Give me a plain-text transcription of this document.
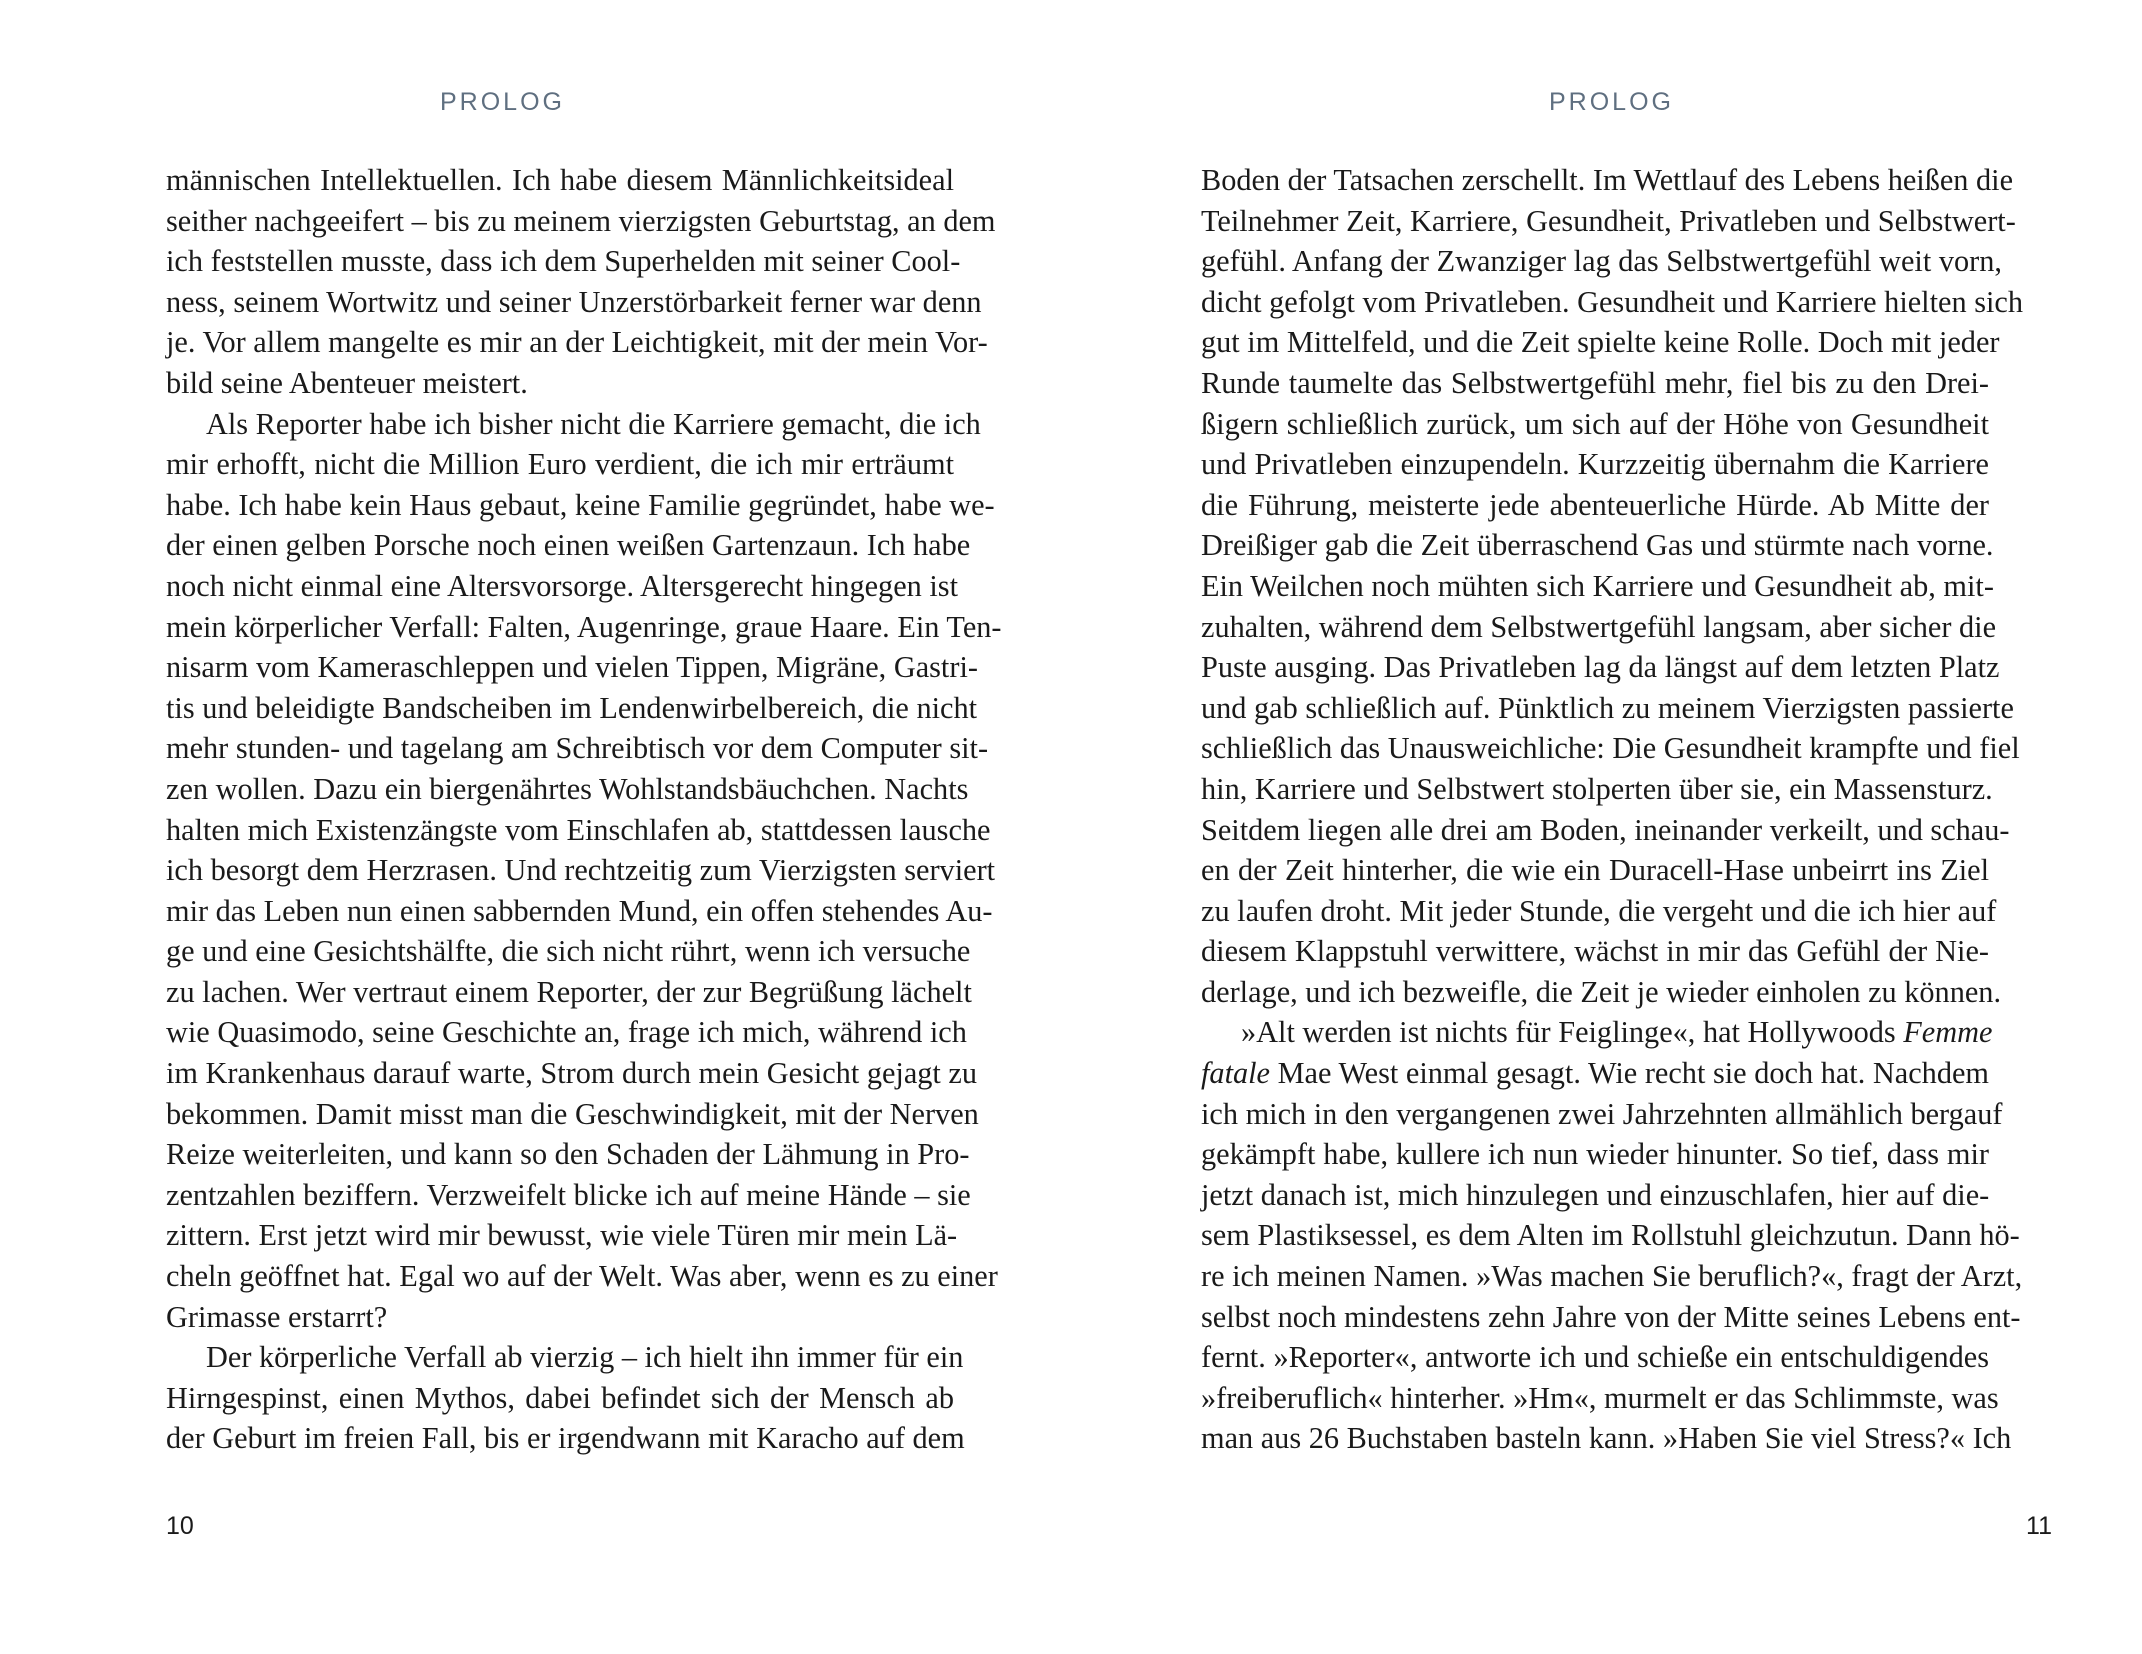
PROLOG
männischen Intellektuellen. Ich habe diesem Männlichkeitsideal
seither nachgeeifert – bis zu meinem vierzigsten Geburtstag, an dem
ich feststellen musste, dass ich dem Superhelden mit seiner Cool-
ness, seinem Wortwitz und seiner Unzerstörbarkeit ferner war denn
je. Vor allem mangelte es mir an der Leichtigkeit, mit der mein Vor-
bild seine Abenteuer meistert.
Als Reporter habe ich bisher nicht die Karriere gemacht, die ich
mir erhofft, nicht die Million Euro verdient, die ich mir erträumt
habe. Ich habe kein Haus gebaut, keine Familie gegründet, habe we-
der einen gelben Porsche noch einen weißen Gartenzaun. Ich habe
noch nicht einmal eine Altersvorsorge. Altersgerecht hingegen ist
mein körperlicher Verfall: Falten, Augenringe, graue Haare. Ein Ten-
nisarm vom Kameraschleppen und vielen Tippen, Migräne, Gastri-
tis und beleidigte Bandscheiben im Lendenwirbelbereich, die nicht
mehr stunden- und tagelang am Schreibtisch vor dem Computer sit-
zen wollen. Dazu ein biergenährtes Wohlstandsbäuchchen. Nachts
halten mich Existenzängste vom Einschlafen ab, stattdessen lausche
ich besorgt dem Herzrasen. Und rechtzeitig zum Vierzigsten serviert
mir das Leben nun einen sabbernden Mund, ein offen stehendes Au-
ge und eine Gesichtshälfte, die sich nicht rührt, wenn ich versuche
zu lachen. Wer vertraut einem Reporter, der zur Begrüßung lächelt
wie Quasimodo, seine Geschichte an, frage ich mich, während ich
im Krankenhaus darauf warte, Strom durch mein Gesicht gejagt zu
bekommen. Damit misst man die Geschwindigkeit, mit der Nerven
Reize weiterleiten, und kann so den Schaden der Lähmung in Pro-
zentzahlen beziffern. Verzweifelt blicke ich auf meine Hände – sie
zittern. Erst jetzt wird mir bewusst, wie viele Türen mir mein Lä-
cheln geöffnet hat. Egal wo auf der Welt. Was aber, wenn es zu einer
Grimasse erstarrt?
Der körperliche Verfall ab vierzig – ich hielt ihn immer für ein
Hirngespinst, einen Mythos, dabei befindet sich der Mensch ab
der Geburt im freien Fall, bis er irgendwann mit Karacho auf dem
10
PROLOG
Boden der Tatsachen zerschellt. Im Wettlauf des Lebens heißen die
Teilnehmer Zeit, Karriere, Gesundheit, Privatleben und Selbstwert-
gefühl. Anfang der Zwanziger lag das Selbstwertgefühl weit vorn,
dicht gefolgt vom Privatleben. Gesundheit und Karriere hielten sich
gut im Mittelfeld, und die Zeit spielte keine Rolle. Doch mit jeder
Runde taumelte das Selbstwertgefühl mehr, fiel bis zu den Drei-
ßigern schließlich zurück, um sich auf der Höhe von Gesundheit
und Privatleben einzupendeln. Kurzzeitig übernahm die Karriere
die Führung, meisterte jede abenteuerliche Hürde. Ab Mitte der
Dreißiger gab die Zeit überraschend Gas und stürmte nach vorne.
Ein Weilchen noch mühten sich Karriere und Gesundheit ab, mit-
zuhalten, während dem Selbstwertgefühl langsam, aber sicher die
Puste ausging. Das Privatleben lag da längst auf dem letzten Platz
und gab schließlich auf. Pünktlich zu meinem Vierzigsten passierte
schließlich das Unausweichliche: Die Gesundheit krampfte und fiel
hin, Karriere und Selbstwert stolperten über sie, ein Massensturz.
Seitdem liegen alle drei am Boden, ineinander verkeilt, und schau-
en der Zeit hinterher, die wie ein Duracell-Hase unbeirrt ins Ziel
zu laufen droht. Mit jeder Stunde, die vergeht und die ich hier auf
diesem Klappstuhl verwittere, wächst in mir das Gefühl der Nie-
derlage, und ich bezweifle, die Zeit je wieder einholen zu können.
»Alt werden ist nichts für Feiglinge«, hat Hollywoods Femme
fatale Mae West einmal gesagt. Wie recht sie doch hat. Nachdem
ich mich in den vergangenen zwei Jahrzehnten allmählich bergauf
gekämpft habe, kullere ich nun wieder hinunter. So tief, dass mir
jetzt danach ist, mich hinzulegen und einzuschlafen, hier auf die-
sem Plastiksessel, es dem Alten im Rollstuhl gleichzutun. Dann hö-
re ich meinen Namen. »Was machen Sie beruflich?«, fragt der Arzt,
selbst noch mindestens zehn Jahre von der Mitte seines Lebens ent-
fernt. »Reporter«, antworte ich und schieße ein entschuldigendes
»freiberuflich« hinterher. »Hm«, murmelt er das Schlimmste, was
man aus 26 Buchstaben basteln kann. »Haben Sie viel Stress?« Ich
11
